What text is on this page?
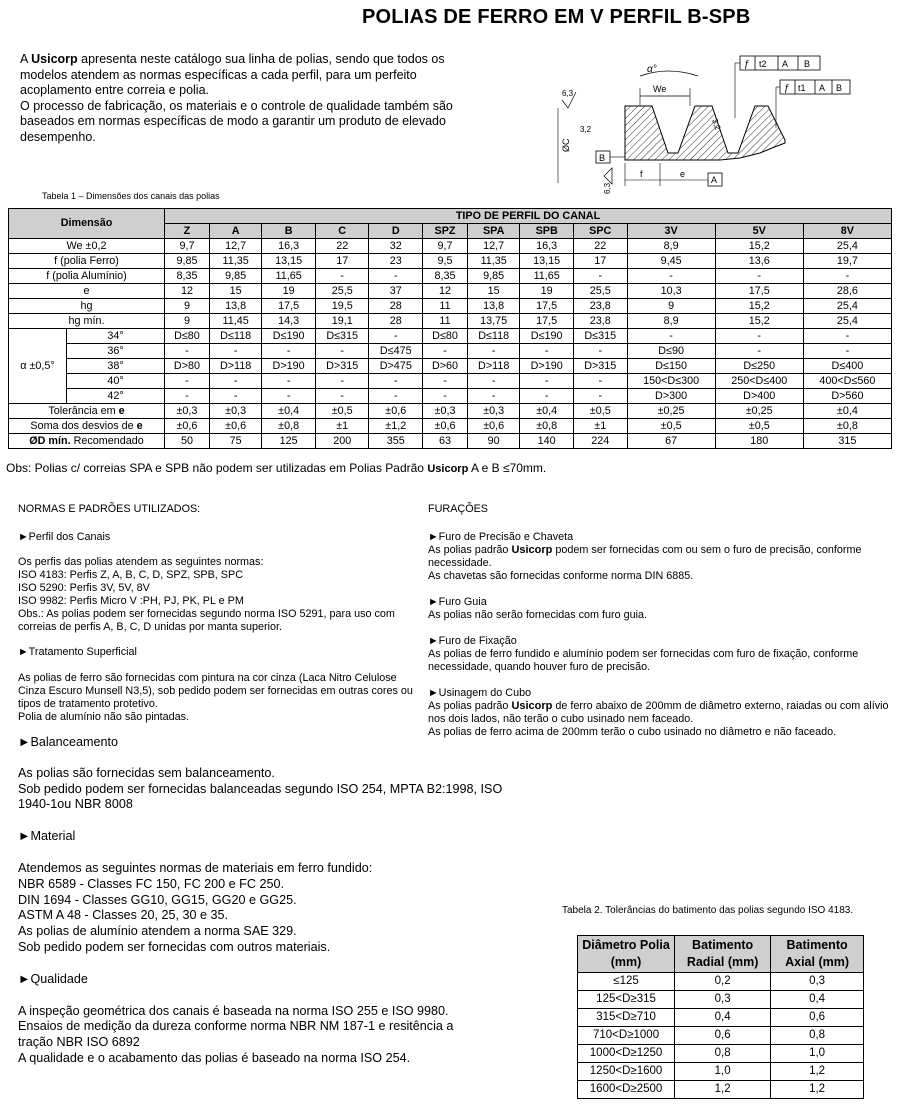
POLIAS DE FERRO EM V PERFIL B-SPB
A Usicorp apresenta neste catálogo sua linha de polias, sendo que todos os modelos atendem as normas específicas a cada perfil, para um perfeito acoplamento entre correia e polia.
O processo de fabricação, os materiais e o controle de qualidade também são baseados em normas específicas de modo a garantir um produto de elevado desempenho.
α°
We
ƒ t2 A B
ƒ t1 A B
6,3
3,2	3,2
6,3
ØC
B
A
f	e
Tabela 1 – Dimensões dos canais das polias
Dimensão		TIPO DE PERFIL DO CANAL											
		Z	A	B	C	D	SPZ	SPA	SPB	SPC	3V	5V	8V
We ±0,2		9,7	12,7	16,3	22	32	9,7	12,7	16,3	22	8,9	15,2	25,4
f (polia Ferro)		9,85	11,35	13,15	17	23	9,5	11,35	13,15	17	9,45	13,6	19,7
f (polia Alumínio)		8,35	9,85	11,65	-	-	8,35	9,85	11,65	-	-	-	-
e		12	15	19	25,5	37	12	15	19	25,5	10,3	17,5	28,6
hg		9	13,8	17,5	19,5	28	11	13,8	17,5	23,8	9	15,2	25,4
hg mín.		9	11,45	14,3	19,1	28	11	13,75	17,5	23,8	8,9	15,2	25,4
α ±0,5°	34°	D≤80	D≤118	D≤190	D≤315	-	D≤80	D≤118	D≤190	D≤315	-	-	-
	36°	-	-	-	-	D≤475	-	-	-	-	D≤90	-	-
	38°	D>80	D>118	D>190	D>315	D>475	D>60	D>118	D>190	D>315	D≤150	D≤250	D≤400
	40°	-	-	-	-	-	-	-	-	-	150<D≤300	250<D≤400	400<D≤560
	42°	-	-	-	-	-	-	-	-	-	D>300	D>400	D>560
Tolerância em e		±0,3	±0,3	±0,4	±0,5	±0,6	±0,3	±0,3	±0,4	±0,5	±0,25	±0,25	±0,4
Soma dos desvios de e		±0,6	±0,6	±0,8	±1	±1,2	±0,6	±0,6	±0,8	±1	±0,5	±0,5	±0,8
ØD mín. Recomendado		50	75	125	200	355	63	90	140	224	67	180	315
Obs: Polias c/ correias SPA e SPB não podem ser utilizadas em Polias Padrão Usicorp A e B ≤70mm.

NORMAS E PADRÕES UTILIZADOS:

►Perfil dos Canais

Os perfis das polias atendem as seguintes normas:

ISO 4183: Perfis Z, A, B, C, D, SPZ, SPB, SPC

ISO 5290: Perfis 3V, 5V, 8V

ISO 9982: Perfis Micro V :PH, PJ, PK, PL e PM

Obs.: As polias podem ser fornecidas segundo norma ISO 5291, para uso com correias de perfis A, B, C, D unidas por manta superior.

►Tratamento Superficial

As polias de ferro são fornecidas com pintura na cor cinza (Laca Nitro Celulose Cinza Escuro Munsell N3,5), sob pedido podem ser fornecidas em outras cores ou tipos de tratamento protetivo.

Polia de alumínio não são pintadas.

FURAÇÕES

►Furo de Precisão e Chaveta

As polias padrão Usicorp podem ser fornecidas com ou sem o furo de precisão, conforme necessidade.

As chavetas são fornecidas conforme norma DIN 6885.

►Furo Guia

As polias não serão fornecidas com furo guia.

►Furo de Fixação

As polias de ferro fundido e alumínio podem ser fornecidas com furo de fixação, conforme necessidade, quando houver furo de precisão.

►Usinagem do Cubo

As polias padrão Usicorp de ferro abaixo de 200mm de diâmetro externo, raiadas ou com alívio nos dois lados, não terão o cubo usinado nem faceado.

As polias de ferro acima de 200mm terão o cubo usinado no diâmetro e não faceado.

►Balanceamento

As polias são fornecidas sem balanceamento.

Sob pedido podem ser fornecidas balanceadas segundo ISO 254, MPTA B2:1998, ISO 1940-1ou NBR 8008

►Material

Atendemos as seguintes normas de materiais em ferro fundido:

NBR 6589 - Classes FC 150, FC 200 e FC 250.

DIN 1694 - Classes GG10, GG15, GG20 e GG25.

ASTM A 48 - Classes 20, 25, 30 e 35.

As polias de alumínio atendem a norma SAE 329.

Sob pedido podem ser fornecidas com outros materiais.

►Qualidade

A inspeção geométrica dos canais é baseada na norma ISO 255 e ISO 9980.

Ensaios de medição da dureza conforme norma NBR NM 187-1 e resitência a tração NBR ISO 6892

A qualidade e o acabamento das polias é baseado na norma ISO 254.

Tabela 2. Tolerâncias do batimento das polias segundo ISO 4183.
Diâmetro Polia (mm)	Batimento Radial (mm)	Batimento Axial (mm)
≤125	0,2	0,3
125<D≥315	0,3	0,4
315<D≥710	0,4	0,6
710<D≥1000	0,6	0,8
1000<D≥1250	0,8	1,0
1250<D≥1600	1,0	1,2
1600<D≥2500	1,2	1,2
